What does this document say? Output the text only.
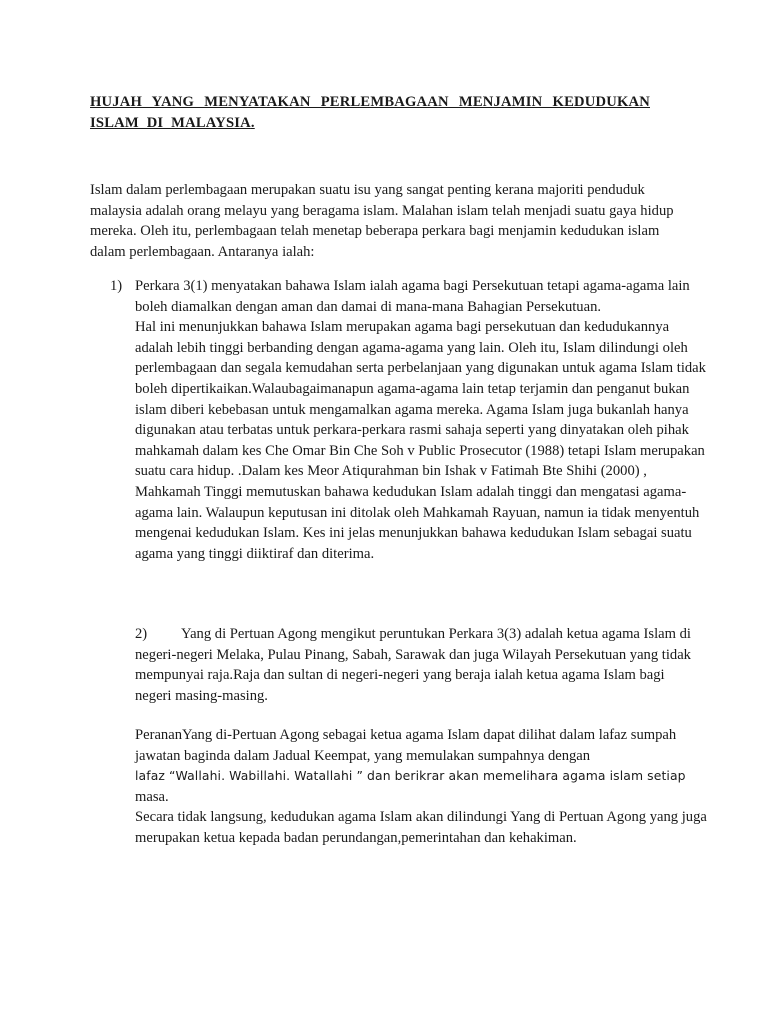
HUJAH YANG MENYATAKAN PERLEMBAGAAN MENJAMIN KEDUDUKAN
ISLAM DI MALAYSIA.

Islam dalam perlembagaan merupakan suatu isu yang sangat penting kerana majoriti penduduk malaysia adalah orang melayu yang beragama islam. Malahan islam telah menjadi suatu gaya hidup mereka. Oleh itu, perlembagaan telah menetap beberapa perkara bagi menjamin kedudukan islam dalam perlembagaan. Antaranya ialah:

1) Perkara 3(1) menyatakan bahawa Islam ialah agama bagi Persekutuan tetapi agama-agama lain boleh diamalkan dengan aman dan damai di mana-mana Bahagian Persekutuan.
Hal ini menunjukkan bahawa Islam merupakan agama bagi persekutuan dan kedudukannya adalah lebih tinggi berbanding dengan agama-agama yang lain. Oleh itu, Islam dilindungi oleh perlembagaan dan segala kemudahan serta perbelanjaan yang digunakan untuk agama Islam tidak boleh dipertikaikan.Walaubagaimanapun agama-agama lain tetap terjamin dan penganut bukan islam diberi kebebasan untuk mengamalkan agama mereka. Agama Islam juga bukanlah hanya digunakan atau terbatas untuk perkara-perkara rasmi sahaja seperti yang dinyatakan oleh pihak mahkamah dalam kes Che Omar Bin Che Soh v Public Prosecutor (1988) tetapi Islam merupakan suatu cara hidup. .Dalam kes Meor Atiqurahman bin Ishak v Fatimah Bte Shihi (2000) , Mahkamah Tinggi memutuskan bahawa kedudukan Islam adalah tinggi dan mengatasi agama-agama lain. Walaupun keputusan ini ditolak oleh Mahkamah Rayuan, namun ia tidak menyentuh mengenai kedudukan Islam. Kes ini jelas menunjukkan bahawa kedudukan Islam sebagai suatu agama yang tinggi diiktiraf dan diterima.
2) Yang di Pertuan Agong mengikut peruntukan Perkara 3(3) adalah ketua agama Islam di negeri-negeri Melaka, Pulau Pinang, Sabah, Sarawak dan juga Wilayah Persekutuan yang tidak mempunyai raja.Raja dan sultan di negeri-negeri yang beraja ialah ketua agama Islam bagi negeri masing-masing.
PerananYang di-Pertuan Agong sebagai ketua agama Islam dapat dilihat dalam lafaz sumpah jawatan baginda dalam Jadual Keempat, yang memulakan sumpahnya dengan
lafaz “Wallahi. Wabillahi. Watallahi ” dan berikrar akan memelihara agama islam setiap
masa.
Secara tidak langsung, kedudukan agama Islam akan dilindungi Yang di Pertuan Agong yang juga merupakan ketua kepada badan perundangan,pemerintahan dan kehakiman.
